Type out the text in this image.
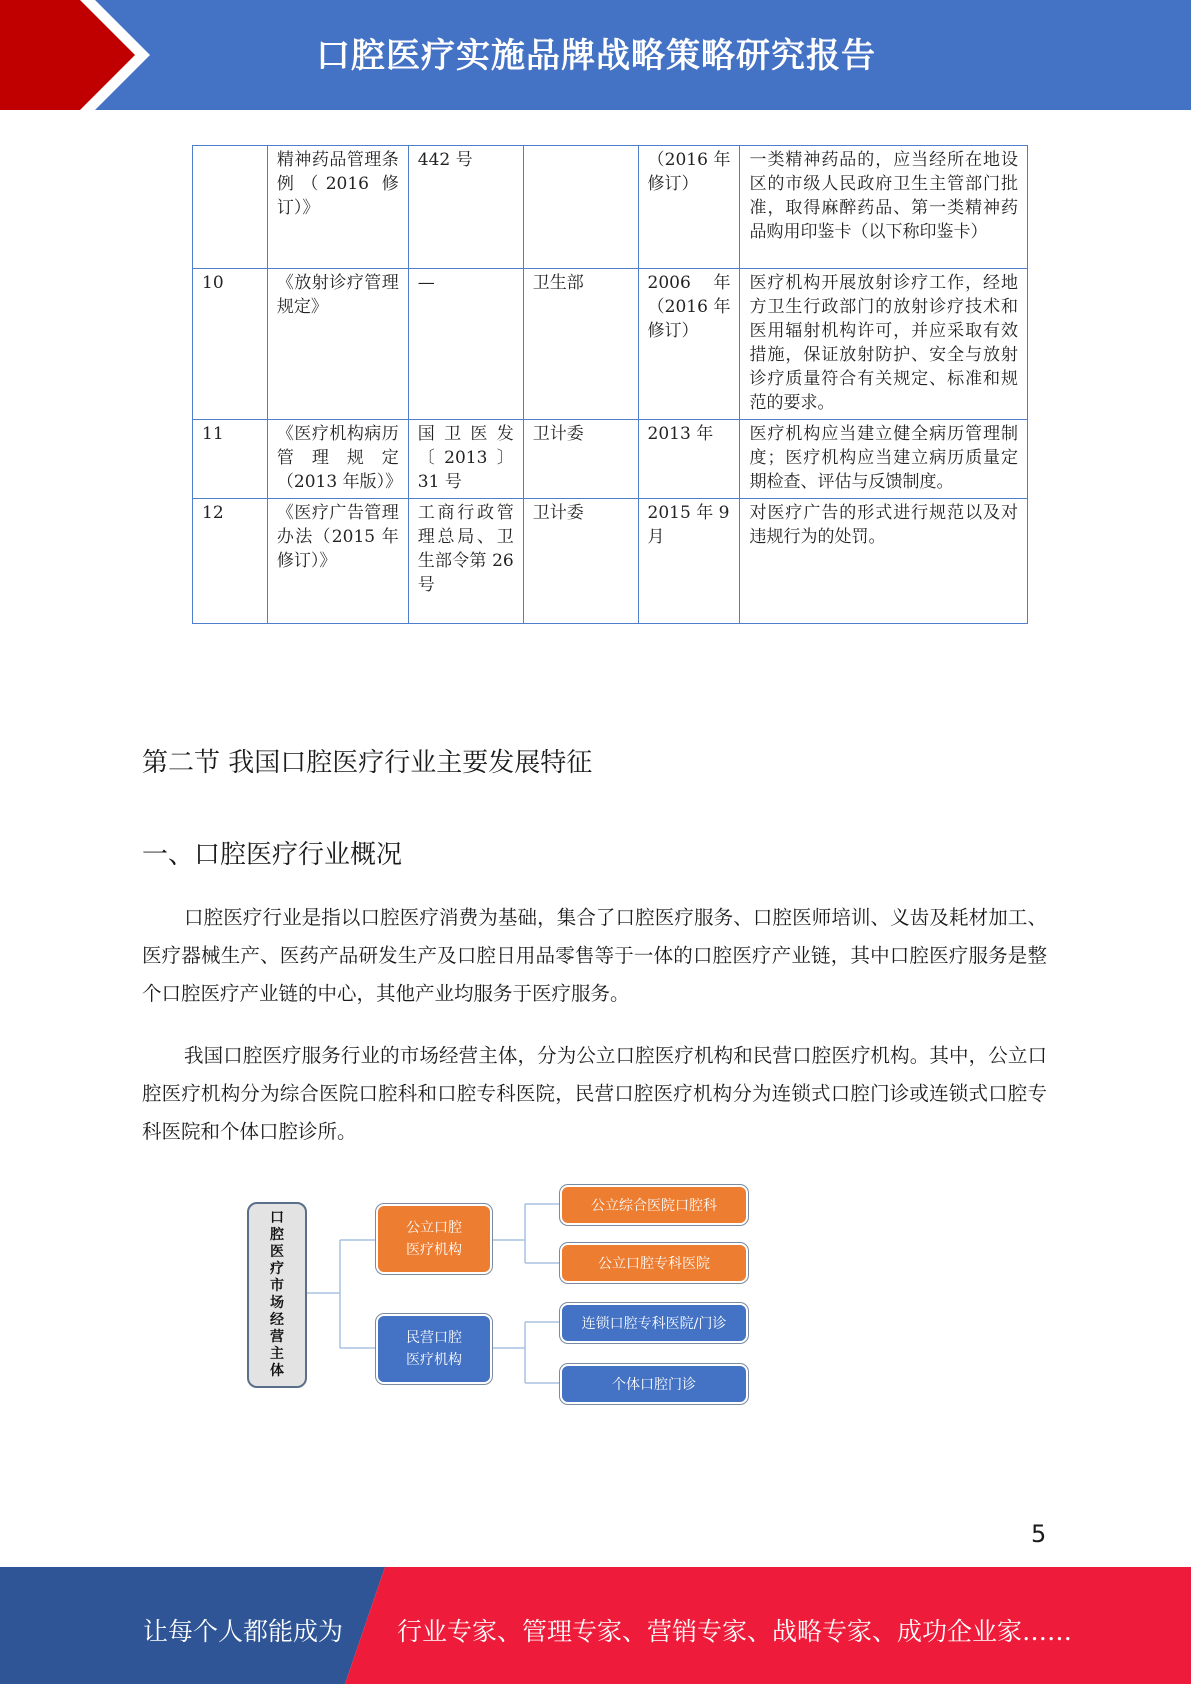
口腔医疗实施品牌战略策略研究报告
	精神药品管理条例（2016 修订）》	442 号		（2016 年修订）	一类精神药品的，应当经所在地设区的市级人民政府卫生主管部门批准，取得麻醉药品、第一类精神药品购用印鉴卡（以下称印鉴卡）
10	《放射诊疗管理规定》	—	卫生部	2006 年（2016 年修订）	医疗机构开展放射诊疗工作，经地方卫生行政部门的放射诊疗技术和医用辐射机构许可，并应采取有效措施，保证放射防护、安全与放射诊疗质量符合有关规定、标准和规范的要求。
11	《医疗机构病历管理规定（2013 年版）》	国卫医发〔2013〕31 号	卫计委	2013 年	医疗机构应当建立健全病历管理制度；医疗机构应当建立病历质量定期检查、评估与反馈制度。
12	《医疗广告管理办法（2015 年修订）》	工商行政管理总局、卫生部令第 26 号	卫计委	2015 年 9 月	对医疗广告的形式进行规范以及对违规行为的处罚。
第二节 我国口腔医疗行业主要发展特征
一、口腔医疗行业概况

口腔医疗行业是指以口腔医疗消费为基础，集合了口腔医疗服务、口腔医师培训、义齿及耗材加工、医疗器械生产、医药产品研发生产及口腔日用品零售等于一体的口腔医疗产业链，其中口腔医疗服务是整个口腔医疗产业链的中心，其他产业均服务于医疗服务。

我国口腔医疗服务行业的市场经营主体，分为公立口腔医疗机构和民营口腔医疗机构。其中，公立口腔医疗机构分为综合医院口腔科和口腔专科医院，民营口腔医疗机构分为连锁式口腔门诊或连锁式口腔专科医院和个体口腔诊所。

口腔医疗市场经营主体
公立口腔
医疗机构
民营口腔
医疗机构
公立综合医院口腔科
公立口腔专科医院
连锁口腔专科医院/门诊
个体口腔门诊
5
让每个人都能成为 行业专家、管理专家、营销专家、战略专家、成功企业家……
